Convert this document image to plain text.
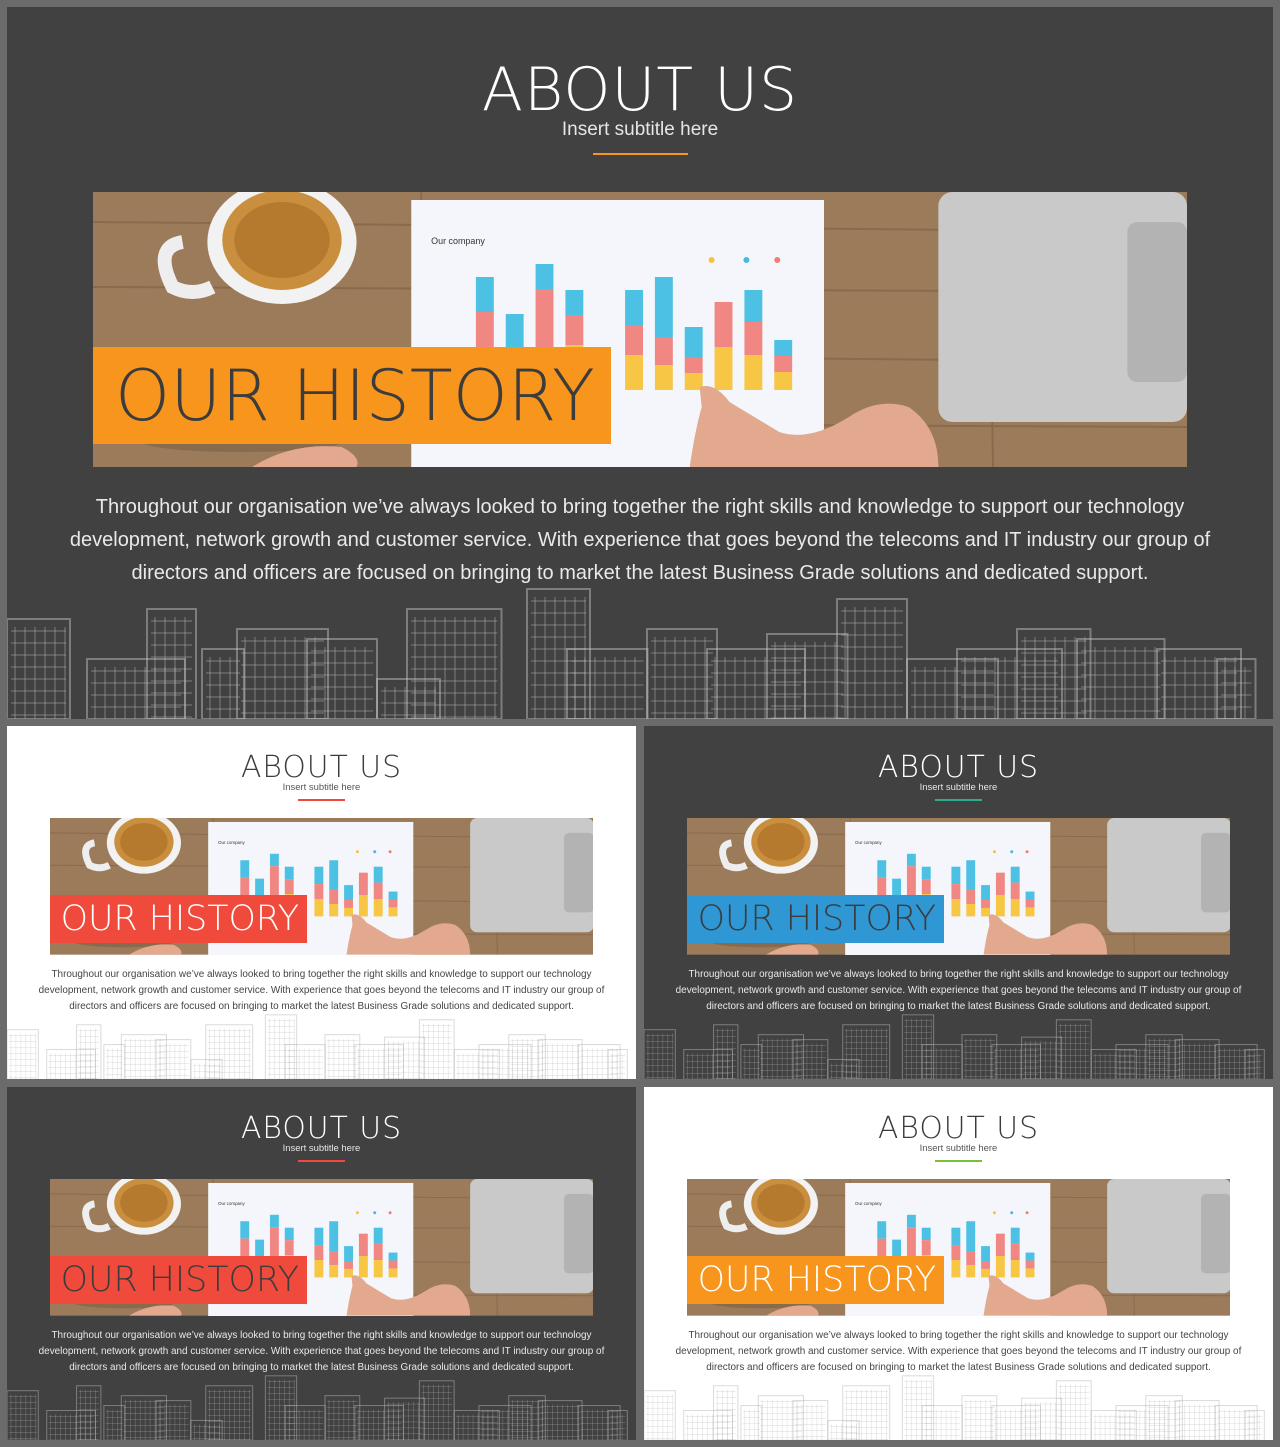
ABOUT US
Insert subtitle here
Our company
OUR HISTORY
Throughout our organisation we’ve always looked to bring together the right skills and knowledge to support our technology
development, network growth and customer service. With experience that goes beyond the telecoms and IT industry our group of
directors and officers are focused on bringing to market the latest Business Grade solutions and dedicated support.
ABOUT US
Insert subtitle here
Our company
OUR HISTORY
Throughout our organisation we’ve always looked to bring together the right skills and knowledge to support our technology
development, network growth and customer service. With experience that goes beyond the telecoms and IT industry our group of
directors and officers are focused on bringing to market the latest Business Grade solutions and dedicated support.
ABOUT US
Insert subtitle here
Our company
OUR HISTORY
Throughout our organisation we’ve always looked to bring together the right skills and knowledge to support our technology
development, network growth and customer service. With experience that goes beyond the telecoms and IT industry our group of
directors and officers are focused on bringing to market the latest Business Grade solutions and dedicated support.
ABOUT US
Insert subtitle here
Our company
OUR HISTORY
Throughout our organisation we’ve always looked to bring together the right skills and knowledge to support our technology
development, network growth and customer service. With experience that goes beyond the telecoms and IT industry our group of
directors and officers are focused on bringing to market the latest Business Grade solutions and dedicated support.
ABOUT US
Insert subtitle here
Our company
OUR HISTORY
Throughout our organisation we’ve always looked to bring together the right skills and knowledge to support our technology
development, network growth and customer service. With experience that goes beyond the telecoms and IT industry our group of
directors and officers are focused on bringing to market the latest Business Grade solutions and dedicated support.
